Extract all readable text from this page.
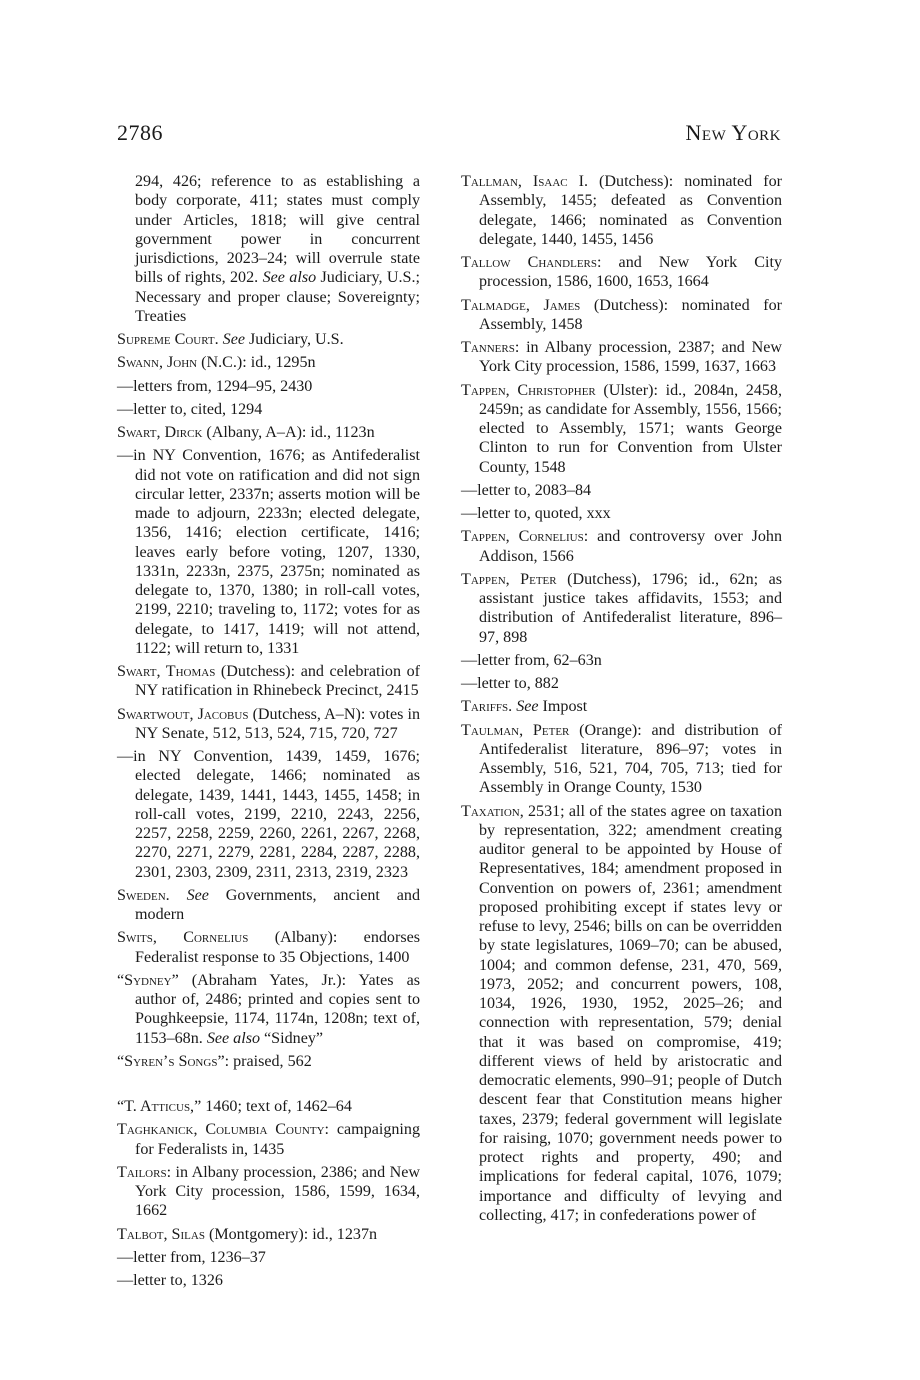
2786	New York

294, 426; reference to as establishing a body corporate, 411; states must comply under Articles, 1818; will give central government power in concurrent jurisdictions, 2023–24; will overrule state bills of rights, 202. See also Judiciary, U.S.; Necessary and proper clause; Sovereignty; Treaties

Supreme Court. See Judiciary, U.S.

Swann, John (N.C.): id., 1295n

—letters from, 1294–95, 2430

—letter to, cited, 1294

Swart, Dirck (Albany, A–A): id., 1123n

—in NY Convention, 1676; as Antifederalist did not vote on ratification and did not sign circular letter, 2337n; asserts motion will be made to adjourn, 2233n; elected delegate, 1356, 1416; election certificate, 1416; leaves early before voting, 1207, 1330, 1331n, 2233n, 2375, 2375n; nominated as delegate to, 1370, 1380; in roll-call votes, 2199, 2210; traveling to, 1172; votes for as delegate, to 1417, 1419; will not attend, 1122; will return to, 1331

Swart, Thomas (Dutchess): and celebration of NY ratification in Rhinebeck Precinct, 2415

Swartwout, Jacobus (Dutchess, A–N): votes in NY Senate, 512, 513, 524, 715, 720, 727

—in NY Convention, 1439, 1459, 1676; elected delegate, 1466; nominated as delegate, 1439, 1441, 1443, 1455, 1458; in roll-call votes, 2199, 2210, 2243, 2256, 2257, 2258, 2259, 2260, 2261, 2267, 2268, 2270, 2271, 2279, 2281, 2284, 2287, 2288, 2301, 2303, 2309, 2311, 2313, 2319, 2323

Sweden. See Governments, ancient and modern

Swits, Cornelius (Albany): endorses Federalist response to 35 Objections, 1400

“Sydney” (Abraham Yates, Jr.): Yates as author of, 2486; printed and copies sent to Poughkeepsie, 1174, 1174n, 1208n; text of, 1153–68n. See also “Sidney”

“Syren’s Songs”: praised, 562

“T. Atticus,” 1460; text of, 1462–64

Taghkanick, Columbia County: campaigning for Federalists in, 1435

Tailors: in Albany procession, 2386; and New York City procession, 1586, 1599, 1634, 1662

Talbot, Silas (Montgomery): id., 1237n

—letter from, 1236–37

—letter to, 1326

Tallman, Isaac I. (Dutchess): nominated for Assembly, 1455; defeated as Convention delegate, 1466; nominated as Convention delegate, 1440, 1455, 1456

Tallow Chandlers: and New York City procession, 1586, 1600, 1653, 1664

Talmadge, James (Dutchess): nominated for Assembly, 1458

Tanners: in Albany procession, 2387; and New York City procession, 1586, 1599, 1637, 1663

Tappen, Christopher (Ulster): id., 2084n, 2458, 2459n; as candidate for Assembly, 1556, 1566; elected to Assembly, 1571; wants George Clinton to run for Convention from Ulster County, 1548

—letter to, 2083–84

—letter to, quoted, xxx

Tappen, Cornelius: and controversy over John Addison, 1566

Tappen, Peter (Dutchess), 1796; id., 62n; as assistant justice takes affidavits, 1553; and distribution of Antifederalist literature, 896–97, 898

—letter from, 62–63n

—letter to, 882

Tariffs. See Impost

Taulman, Peter (Orange): and distribution of Antifederalist literature, 896–97; votes in Assembly, 516, 521, 704, 705, 713; tied for Assembly in Orange County, 1530

Taxation, 2531; all of the states agree on taxation by representation, 322; amendment creating auditor general to be appointed by House of Representatives, 184; amendment proposed in Convention on powers of, 2361; amendment proposed prohibiting except if states levy or refuse to levy, 2546; bills on can be overridden by state legislatures, 1069–70; can be abused, 1004; and common defense, 231, 470, 569, 1973, 2052; and concurrent powers, 108, 1034, 1926, 1930, 1952, 2025–26; and connection with representation, 579; denial that it was based on compromise, 419; different views of held by aristocratic and democratic elements, 990–91; people of Dutch descent fear that Constitution means higher taxes, 2379; federal government will legislate for raising, 1070; government needs power to protect rights and property, 490; and implications for federal capital, 1076, 1079; importance and difficulty of levying and collecting, 417; in confederations power of
